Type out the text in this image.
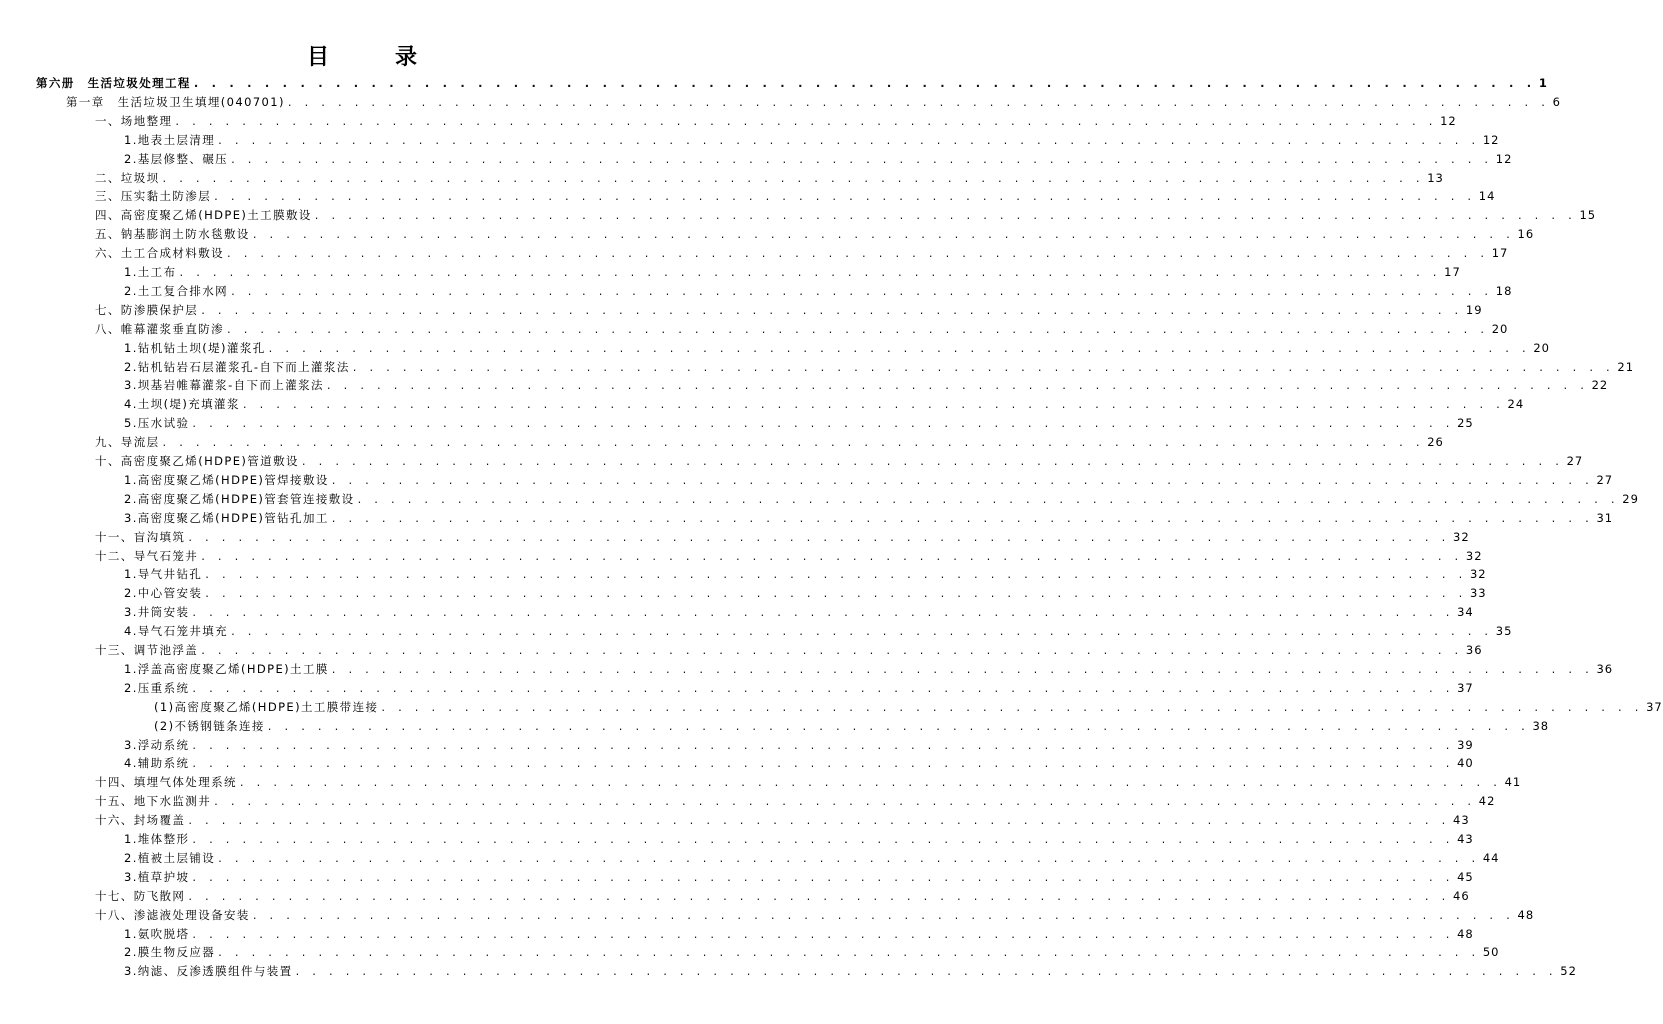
目　录
第六册　生活垃圾处理工程 . . . . . . . . . . . . . . . . . . . . . . . . . . . . . . . . . . . . . . . . . . . . . . . . . . . . . . . . . . . . . . . . . . . . . . . . . . . . 1
第一章　生活垃圾卫生填埋(040701) . . . . . . . . . . . . . . . . . . . . . . . . . . . . . . . . . . . . . . . . . . . . . . . . . . . . . . . . . . . . . . . . . . . . . . . . . . . . 6
一、场地整理 . . . . . . . . . . . . . . . . . . . . . . . . . . . . . . . . . . . . . . . . . . . . . . . . . . . . . . . . . . . . . . . . . . . . . . . . . . . . 12
1.地表土层清理 . . . . . . . . . . . . . . . . . . . . . . . . . . . . . . . . . . . . . . . . . . . . . . . . . . . . . . . . . . . . . . . . . . . . . . . . . . . . 12
2.基层修整、碾压 . . . . . . . . . . . . . . . . . . . . . . . . . . . . . . . . . . . . . . . . . . . . . . . . . . . . . . . . . . . . . . . . . . . . . . . . . . . . 12
二、垃圾坝 . . . . . . . . . . . . . . . . . . . . . . . . . . . . . . . . . . . . . . . . . . . . . . . . . . . . . . . . . . . . . . . . . . . . . . . . . . . . 13
三、压实黏土防渗层 . . . . . . . . . . . . . . . . . . . . . . . . . . . . . . . . . . . . . . . . . . . . . . . . . . . . . . . . . . . . . . . . . . . . . . . . . . . . 14
四、高密度聚乙烯(HDPE)土工膜敷设 . . . . . . . . . . . . . . . . . . . . . . . . . . . . . . . . . . . . . . . . . . . . . . . . . . . . . . . . . . . . . . . . . . . . . . . . . . . . 15
五、钠基膨润土防水毯敷设 . . . . . . . . . . . . . . . . . . . . . . . . . . . . . . . . . . . . . . . . . . . . . . . . . . . . . . . . . . . . . . . . . . . . . . . . . . . . 16
六、土工合成材料敷设 . . . . . . . . . . . . . . . . . . . . . . . . . . . . . . . . . . . . . . . . . . . . . . . . . . . . . . . . . . . . . . . . . . . . . . . . . . . . 17
1.土工布 . . . . . . . . . . . . . . . . . . . . . . . . . . . . . . . . . . . . . . . . . . . . . . . . . . . . . . . . . . . . . . . . . . . . . . . . . . . . 17
2.土工复合排水网 . . . . . . . . . . . . . . . . . . . . . . . . . . . . . . . . . . . . . . . . . . . . . . . . . . . . . . . . . . . . . . . . . . . . . . . . . . . . 18
七、防渗膜保护层 . . . . . . . . . . . . . . . . . . . . . . . . . . . . . . . . . . . . . . . . . . . . . . . . . . . . . . . . . . . . . . . . . . . . . . . . . . . . 19
八、帷幕灌浆垂直防渗 . . . . . . . . . . . . . . . . . . . . . . . . . . . . . . . . . . . . . . . . . . . . . . . . . . . . . . . . . . . . . . . . . . . . . . . . . . . . 20
1.钻机钻土坝(堤)灌浆孔 . . . . . . . . . . . . . . . . . . . . . . . . . . . . . . . . . . . . . . . . . . . . . . . . . . . . . . . . . . . . . . . . . . . . . . . . . . . . 20
2.钻机钻岩石层灌浆孔-自下而上灌浆法 . . . . . . . . . . . . . . . . . . . . . . . . . . . . . . . . . . . . . . . . . . . . . . . . . . . . . . . . . . . . . . . . . . . . . . . . . . . . 21
3.坝基岩帷幕灌浆-自下而上灌浆法 . . . . . . . . . . . . . . . . . . . . . . . . . . . . . . . . . . . . . . . . . . . . . . . . . . . . . . . . . . . . . . . . . . . . . . . . . . . . 22
4.土坝(堤)充填灌浆 . . . . . . . . . . . . . . . . . . . . . . . . . . . . . . . . . . . . . . . . . . . . . . . . . . . . . . . . . . . . . . . . . . . . . . . . . . . . 24
5.压水试验 . . . . . . . . . . . . . . . . . . . . . . . . . . . . . . . . . . . . . . . . . . . . . . . . . . . . . . . . . . . . . . . . . . . . . . . . . . . . 25
九、导流层 . . . . . . . . . . . . . . . . . . . . . . . . . . . . . . . . . . . . . . . . . . . . . . . . . . . . . . . . . . . . . . . . . . . . . . . . . . . . 26
十、高密度聚乙烯(HDPE)管道敷设 . . . . . . . . . . . . . . . . . . . . . . . . . . . . . . . . . . . . . . . . . . . . . . . . . . . . . . . . . . . . . . . . . . . . . . . . . . . . 27
1.高密度聚乙烯(HDPE)管焊接敷设 . . . . . . . . . . . . . . . . . . . . . . . . . . . . . . . . . . . . . . . . . . . . . . . . . . . . . . . . . . . . . . . . . . . . . . . . . . . . 27
2.高密度聚乙烯(HDPE)管套管连接敷设 . . . . . . . . . . . . . . . . . . . . . . . . . . . . . . . . . . . . . . . . . . . . . . . . . . . . . . . . . . . . . . . . . . . . . . . . . . . . 29
3.高密度聚乙烯(HDPE)管钻孔加工 . . . . . . . . . . . . . . . . . . . . . . . . . . . . . . . . . . . . . . . . . . . . . . . . . . . . . . . . . . . . . . . . . . . . . . . . . . . . 31
十一、盲沟填筑 . . . . . . . . . . . . . . . . . . . . . . . . . . . . . . . . . . . . . . . . . . . . . . . . . . . . . . . . . . . . . . . . . . . . . . . . . . . . 32
十二、导气石笼井 . . . . . . . . . . . . . . . . . . . . . . . . . . . . . . . . . . . . . . . . . . . . . . . . . . . . . . . . . . . . . . . . . . . . . . . . . . . . 32
1.导气井钻孔 . . . . . . . . . . . . . . . . . . . . . . . . . . . . . . . . . . . . . . . . . . . . . . . . . . . . . . . . . . . . . . . . . . . . . . . . . . . . 32
2.中心管安装 . . . . . . . . . . . . . . . . . . . . . . . . . . . . . . . . . . . . . . . . . . . . . . . . . . . . . . . . . . . . . . . . . . . . . . . . . . . . 33
3.井筒安装 . . . . . . . . . . . . . . . . . . . . . . . . . . . . . . . . . . . . . . . . . . . . . . . . . . . . . . . . . . . . . . . . . . . . . . . . . . . . 34
4.导气石笼井填充 . . . . . . . . . . . . . . . . . . . . . . . . . . . . . . . . . . . . . . . . . . . . . . . . . . . . . . . . . . . . . . . . . . . . . . . . . . . . 35
十三、调节池浮盖 . . . . . . . . . . . . . . . . . . . . . . . . . . . . . . . . . . . . . . . . . . . . . . . . . . . . . . . . . . . . . . . . . . . . . . . . . . . . 36
1.浮盖高密度聚乙烯(HDPE)土工膜 . . . . . . . . . . . . . . . . . . . . . . . . . . . . . . . . . . . . . . . . . . . . . . . . . . . . . . . . . . . . . . . . . . . . . . . . . . . . 36
2.压重系统 . . . . . . . . . . . . . . . . . . . . . . . . . . . . . . . . . . . . . . . . . . . . . . . . . . . . . . . . . . . . . . . . . . . . . . . . . . . . 37
(1)高密度聚乙烯(HDPE)土工膜带连接 . . . . . . . . . . . . . . . . . . . . . . . . . . . . . . . . . . . . . . . . . . . . . . . . . . . . . . . . . . . . . . . . . . . . . . . . . . . . 37
(2)不锈钢链条连接 . . . . . . . . . . . . . . . . . . . . . . . . . . . . . . . . . . . . . . . . . . . . . . . . . . . . . . . . . . . . . . . . . . . . . . . . . . . . 38
3.浮动系统 . . . . . . . . . . . . . . . . . . . . . . . . . . . . . . . . . . . . . . . . . . . . . . . . . . . . . . . . . . . . . . . . . . . . . . . . . . . . 39
4.辅助系统 . . . . . . . . . . . . . . . . . . . . . . . . . . . . . . . . . . . . . . . . . . . . . . . . . . . . . . . . . . . . . . . . . . . . . . . . . . . . 40
十四、填埋气体处理系统 . . . . . . . . . . . . . . . . . . . . . . . . . . . . . . . . . . . . . . . . . . . . . . . . . . . . . . . . . . . . . . . . . . . . . . . . . . . . 41
十五、地下水监测井 . . . . . . . . . . . . . . . . . . . . . . . . . . . . . . . . . . . . . . . . . . . . . . . . . . . . . . . . . . . . . . . . . . . . . . . . . . . . 42
十六、封场覆盖 . . . . . . . . . . . . . . . . . . . . . . . . . . . . . . . . . . . . . . . . . . . . . . . . . . . . . . . . . . . . . . . . . . . . . . . . . . . . 43
1.堆体整形 . . . . . . . . . . . . . . . . . . . . . . . . . . . . . . . . . . . . . . . . . . . . . . . . . . . . . . . . . . . . . . . . . . . . . . . . . . . . 43
2.植被土层铺设 . . . . . . . . . . . . . . . . . . . . . . . . . . . . . . . . . . . . . . . . . . . . . . . . . . . . . . . . . . . . . . . . . . . . . . . . . . . . 44
3.植草护坡 . . . . . . . . . . . . . . . . . . . . . . . . . . . . . . . . . . . . . . . . . . . . . . . . . . . . . . . . . . . . . . . . . . . . . . . . . . . . 45
十七、防飞散网 . . . . . . . . . . . . . . . . . . . . . . . . . . . . . . . . . . . . . . . . . . . . . . . . . . . . . . . . . . . . . . . . . . . . . . . . . . . . 46
十八、渗滤液处理设备安装 . . . . . . . . . . . . . . . . . . . . . . . . . . . . . . . . . . . . . . . . . . . . . . . . . . . . . . . . . . . . . . . . . . . . . . . . . . . . 48
1.氨吹脱塔 . . . . . . . . . . . . . . . . . . . . . . . . . . . . . . . . . . . . . . . . . . . . . . . . . . . . . . . . . . . . . . . . . . . . . . . . . . . . 48
2.膜生物反应器 . . . . . . . . . . . . . . . . . . . . . . . . . . . . . . . . . . . . . . . . . . . . . . . . . . . . . . . . . . . . . . . . . . . . . . . . . . . . 50
3.纳滤、反渗透膜组件与装置 . . . . . . . . . . . . . . . . . . . . . . . . . . . . . . . . . . . . . . . . . . . . . . . . . . . . . . . . . . . . . . . . . . . . . . . . . . . . 52
